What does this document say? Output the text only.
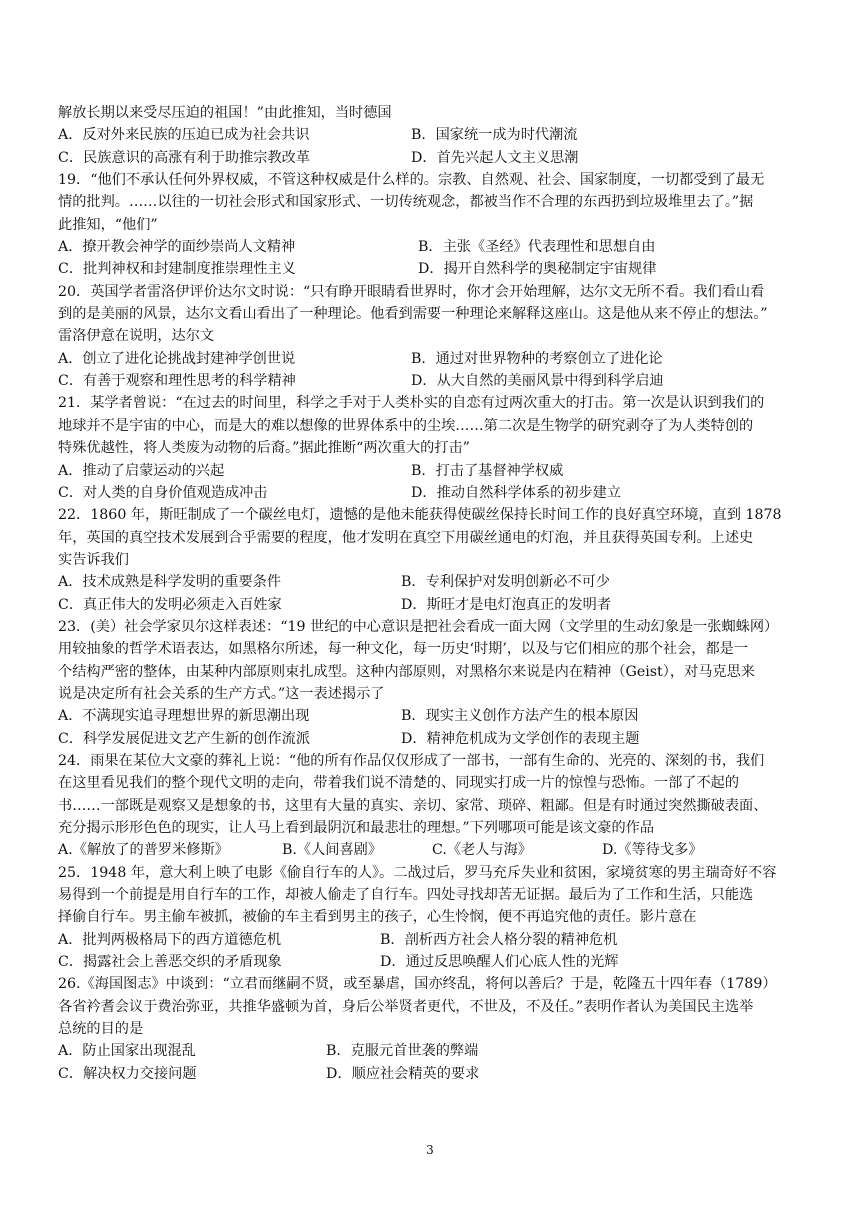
解放长期以来受尽压迫的祖国！”由此推知，当时德国
A．反对外来民族的压迫已成为社会共识	B．国家统一成为时代潮流
C．民族意识的高涨有利于助推宗教改革	D．首先兴起人文主义思潮
19．“他们不承认任何外界权威，不管这种权威是什么样的。宗教、自然观、社会、国家制度，一切都受到了最无
情的批判。……以往的一切社会形式和国家形式、一切传统观念，都被当作不合理的东西扔到垃圾堆里去了。”据
此推知，“他们”
A．撩开教会神学的面纱崇尚人文精神	B．主张《圣经》代表理性和思想自由
C．批判神权和封建制度推崇理性主义	D．揭开自然科学的奥秘制定宇宙规律
20．英国学者雷洛伊评价达尔文时说：“只有睁开眼睛看世界时，你才会开始理解，达尔文无所不看。我们看山看
到的是美丽的风景，达尔文看山看出了一种理论。他看到需要一种理论来解释这座山。这是他从来不停止的想法。”
雷洛伊意在说明，达尔文
A．创立了进化论挑战封建神学创世说	B．通过对世界物种的考察创立了进化论
C．有善于观察和理性思考的科学精神	D．从大自然的美丽风景中得到科学启迪
21．某学者曾说：“在过去的时间里，科学之手对于人类朴实的自恋有过两次重大的打击。第一次是认识到我们的
地球并不是宇宙的中心，而是大的难以想像的世界体系中的尘埃……第二次是生物学的研究剥夺了为人类特创的
特殊优越性，将人类废为动物的后裔。”据此推断“两次重大的打击”
A．推动了启蒙运动的兴起	B．打击了基督神学权威
C．对人类的自身价值观造成冲击	D．推动自然科学体系的初步建立
22．1860 年，斯旺制成了一个碳丝电灯，遗憾的是他未能获得使碳丝保持长时间工作的良好真空环境，直到 1878
年，英国的真空技术发展到合乎需要的程度，他才发明在真空下用碳丝通电的灯泡，并且获得英国专利。上述史
实告诉我们
A．技术成熟是科学发明的重要条件	B．专利保护对发明创新必不可少
C．真正伟大的发明必须走入百姓家	D．斯旺才是电灯泡真正的发明者
23．(美）社会学家贝尔这样表述：“19 世纪的中心意识是把社会看成一面大网（文学里的生动幻象是一张蜘蛛网）
用较抽象的哲学术语表达，如黑格尔所述，每一种文化，每一历史‘时期’，以及与它们相应的那个社会，都是一
个结构严密的整体，由某种内部原则束扎成型。这种内部原则，对黑格尔来说是内在精神（Geist），对马克思来
说是决定所有社会关系的生产方式。”这一表述揭示了
A．不满现实追寻理想世界的新思潮出现	B．现实主义创作方法产生的根本原因
C．科学发展促进文艺产生新的创作流派	D．精神危机成为文学创作的表现主题
24．雨果在某位大文豪的葬礼上说：“他的所有作品仅仅形成了一部书，一部有生命的、光亮的、深刻的书，我们
在这里看见我们的整个现代文明的走向，带着我们说不清楚的、同现实打成一片的惊惶与恐怖。一部了不起的
书……一部既是观察又是想象的书，这里有大量的真实、亲切、家常、琐碎、粗鄙。但是有时通过突然撕破表面、
充分揭示形形色色的现实，让人马上看到最阴沉和最悲壮的理想。”下列哪项可能是该文豪的作品
A.《解放了的普罗米修斯》	B.《人间喜剧》	C.《老人与海》	D.《等待戈多》
25．1948 年，意大利上映了电影《偷自行车的人》。二战过后，罗马充斥失业和贫困，家境贫寒的男主瑞奇好不容
易得到一个前提是用自行车的工作，却被人偷走了自行车。四处寻找却苦无证据。最后为了工作和生活，只能选
择偷自行车。男主偷车被抓，被偷的车主看到男主的孩子，心生怜悯，便不再追究他的责任。影片意在
A．批判两极格局下的西方道德危机	B．剖析西方社会人格分裂的精神危机
C．揭露社会上善恶交织的矛盾现象	D．通过反思唤醒人们心底人性的光辉
26.《海国图志》中谈到：“立君而继嗣不贤，或至暴虐，国亦终乱，将何以善后？于是，乾隆五十四年春（1789）
各省衿耆会议于费治弥亚，共推华盛顿为首，身后公举贤者更代，不世及，不及任。”表明作者认为美国民主选举
总统的目的是
A．防止国家出现混乱	B．克服元首世袭的弊端
C．解决权力交接问题	D．顺应社会精英的要求
3
